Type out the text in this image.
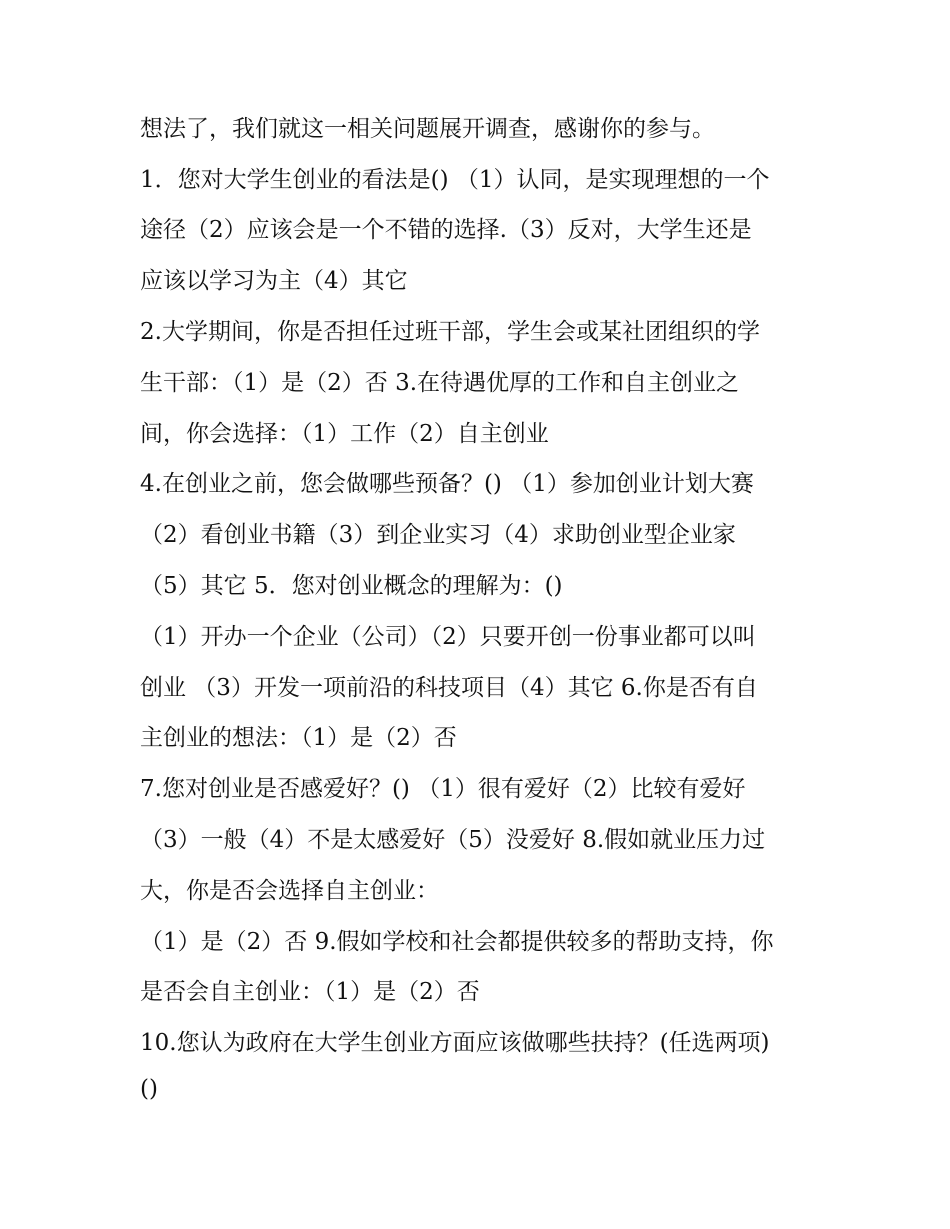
想法了，我们就这一相关问题展开调查，感谢你的参与。
1．您对大学生创业的看法是() （1）认同，是实现理想的一个
途径（2）应该会是一个不错的选择.（3）反对，大学生还是
应该以学习为主（4）其它
2.大学期间，你是否担任过班干部，学生会或某社团组织的学
生干部：（1）是（2）否 3.在待遇优厚的工作和自主创业之
间，你会选择：（1）工作（2）自主创业
4.在创业之前，您会做哪些预备？() （1）参加创业计划大赛
（2）看创业书籍（3）到企业实习（4）求助创业型企业家
（5）其它 5．您对创业概念的理解为：()
（1）开办一个企业（公司）（2）只要开创一份事业都可以叫
创业 （3）开发一项前沿的科技项目（4）其它 6.你是否有自
主创业的想法：（1）是（2）否
7.您对创业是否感爱好？() （1）很有爱好（2）比较有爱好
（3）一般（4）不是太感爱好（5）没爱好 8.假如就业压力过
大，你是否会选择自主创业：
（1）是（2）否 9.假如学校和社会都提供较多的帮助支持，你
是否会自主创业：（1）是（2）否
10.您认为政府在大学生创业方面应该做哪些扶持？(任选两项)
()
